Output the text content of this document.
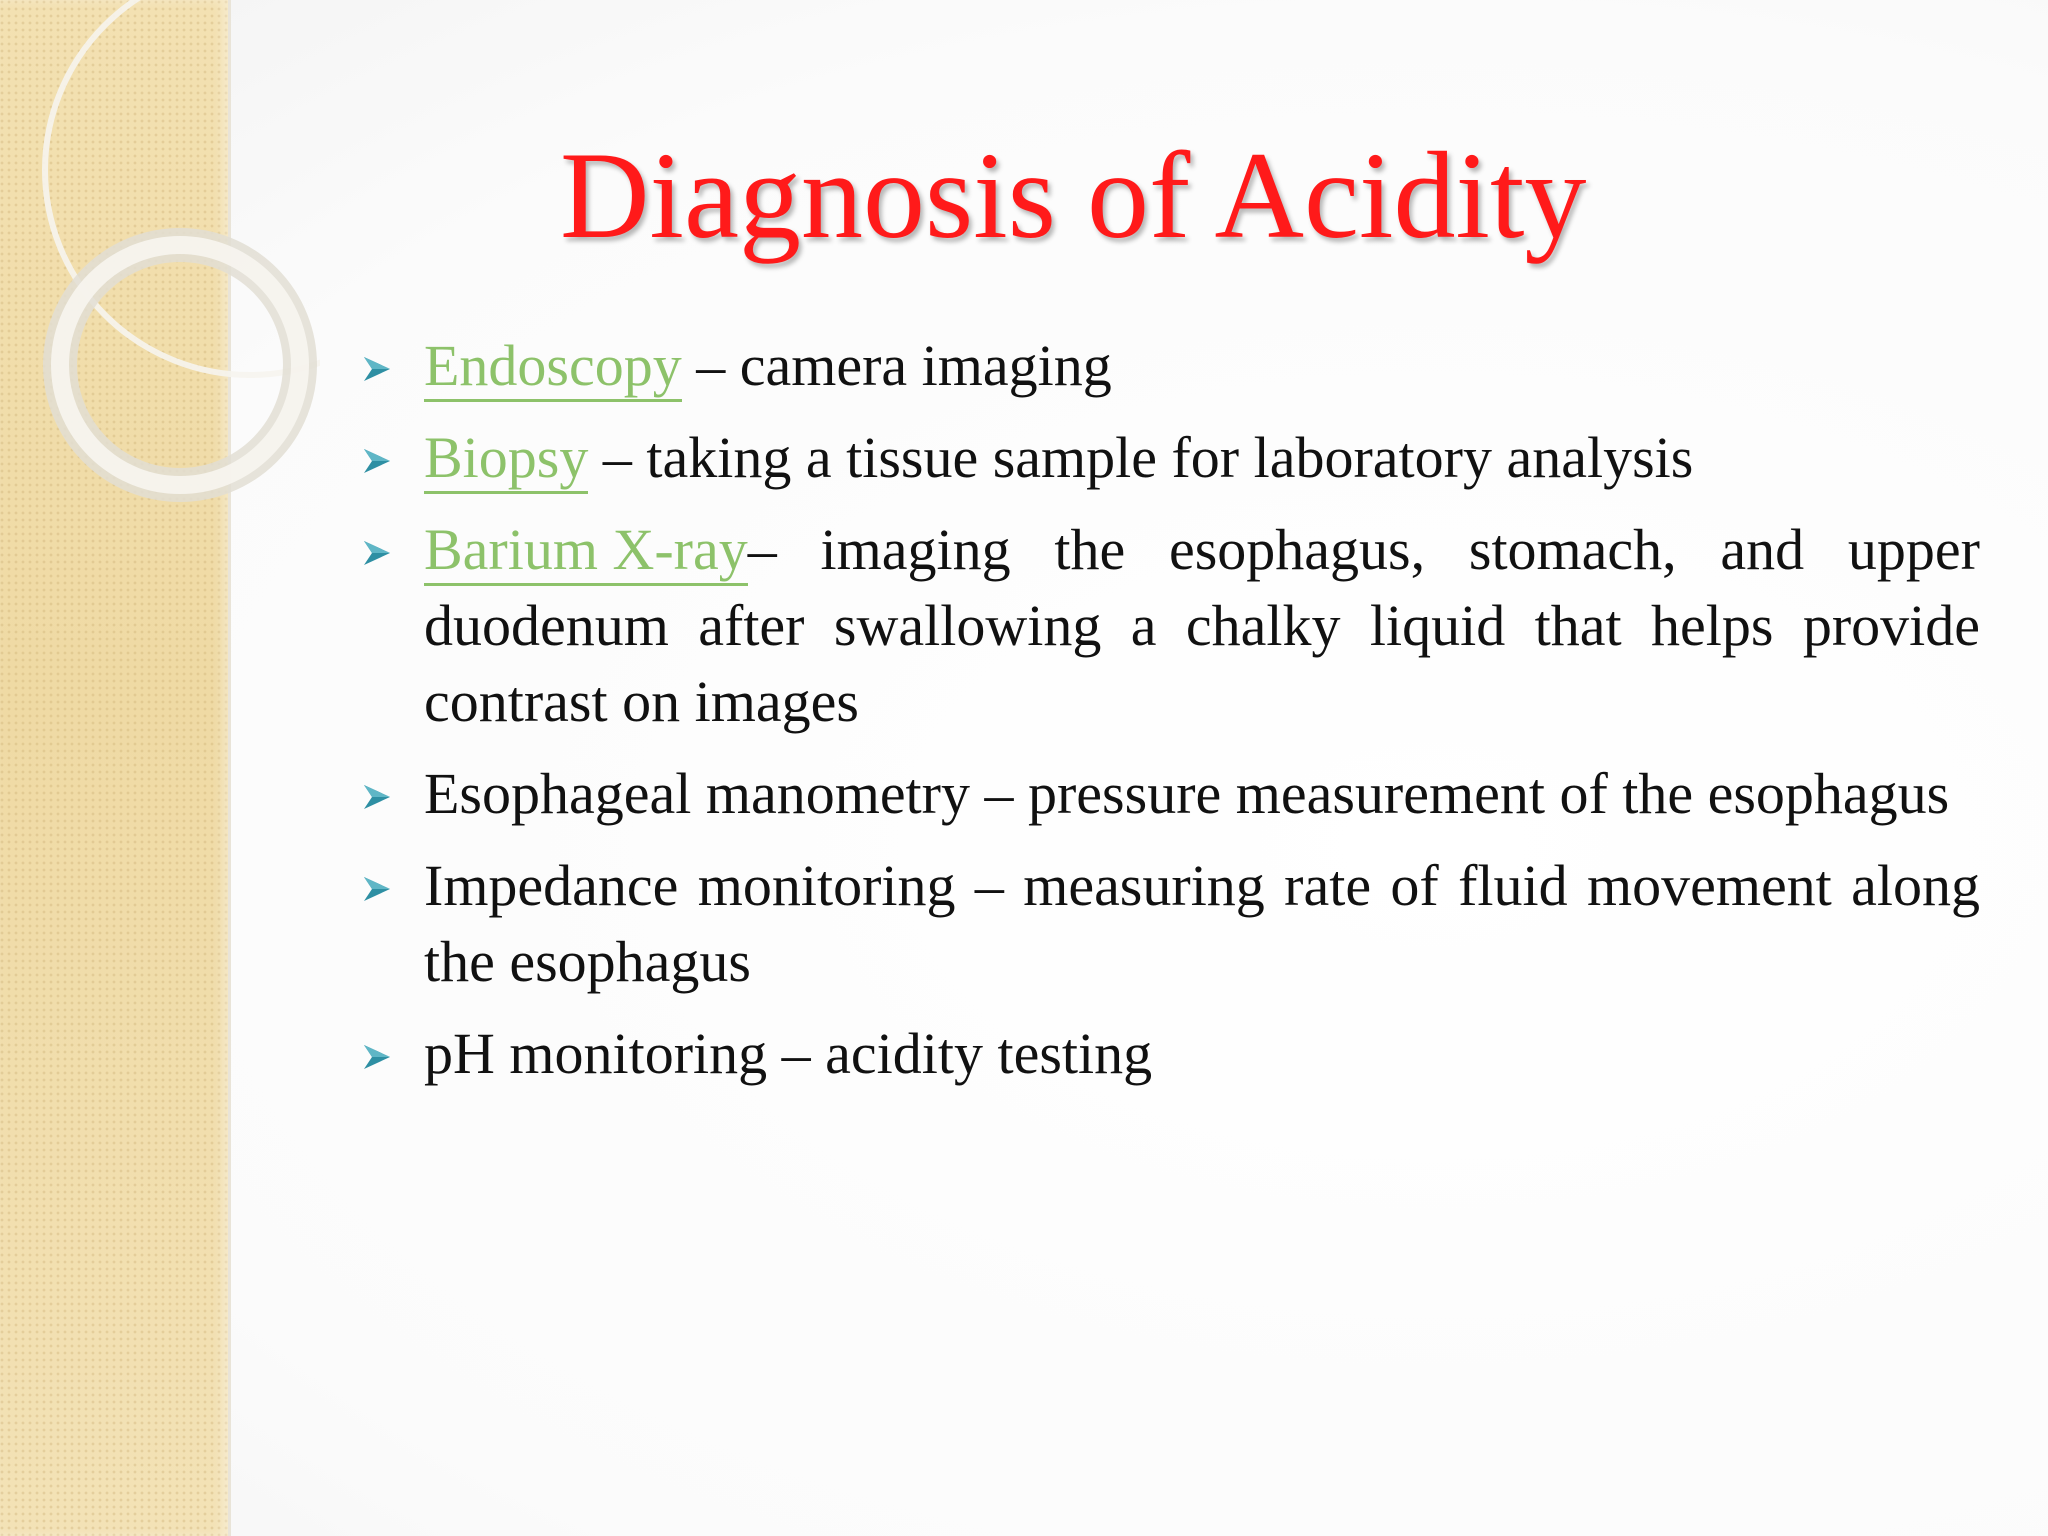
Diagnosis of Acidity
Endoscopy – camera imaging
Biopsy – taking a tissue sample for laboratory analysis
Barium X-ray– imaging the esophagus, stomach, and upper duodenum after swallowing a chalky liquid that helps provide contrast on images
Esophageal manometry – pressure measurement of the esophagus
Impedance monitoring – measuring rate of fluid movement along the esophagus
pH monitoring – acidity testing
